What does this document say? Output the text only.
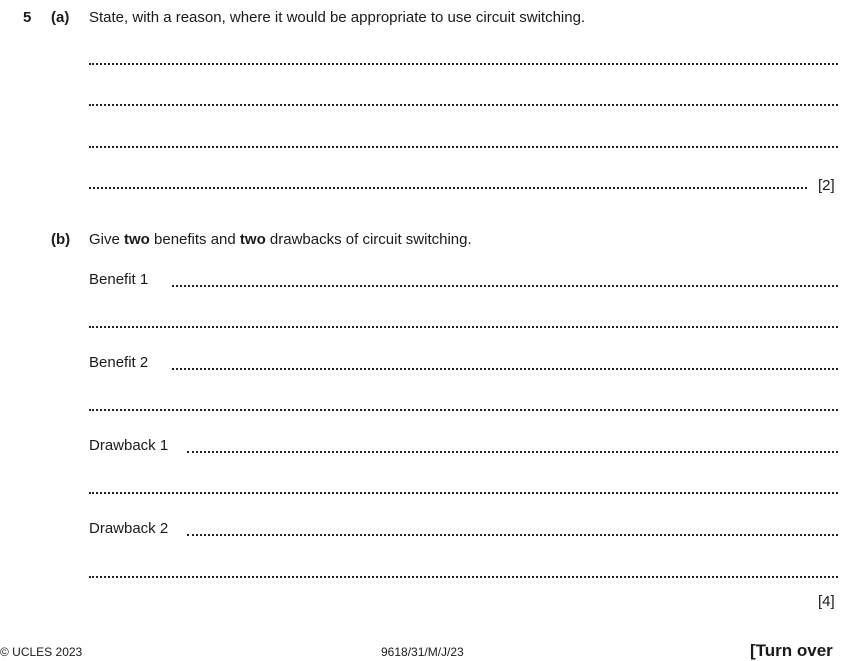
5 (a) State, with a reason, where it would be appropriate to use circuit switching.
[2]
(b) Give two benefits and two drawbacks of circuit switching.
Benefit 1
Benefit 2
Drawback 1
Drawback 2
[4]
© UCLES 2023	9618/31/M/J/23	[Turn over
